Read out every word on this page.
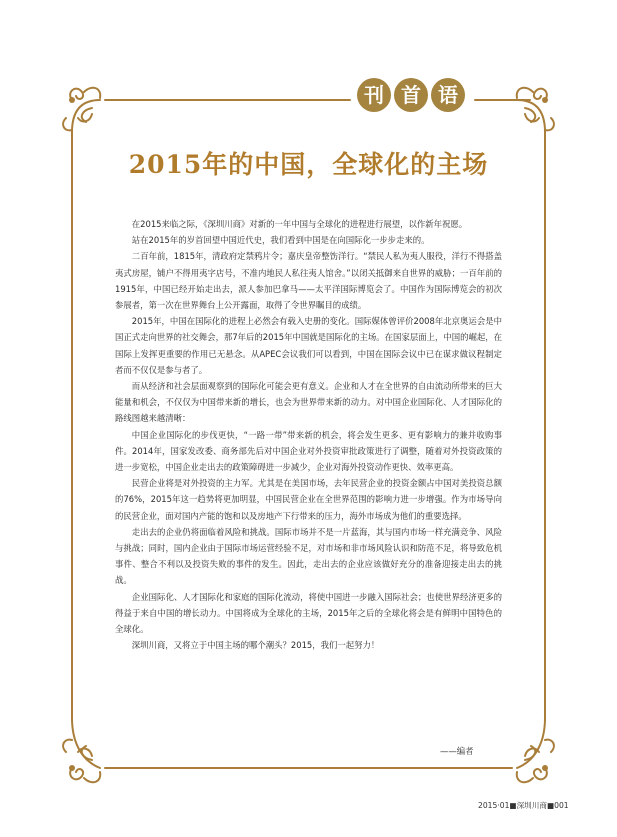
刊 首 语
2015年的中国，全球化的主场

在2015来临之际，《深圳川商》对新的一年中国与全球化的进程进行展望，以作新年祝愿。

站在2015年的岁首回望中国近代史，我们看到中国是在向国际化一步步走来的。

二百年前，1815年，清政府定禁鸦片令；嘉庆皇帝整饬洋行。“禁民人私为夷人服役，洋行不得搭盖夷式房屋，铺户不得用夷字店号，不准内地民人私往夷人馆舍。”以闭关抵御来自世界的威胁；一百年前的1915年，中国已经开始走出去，派人参加巴拿马——太平洋国际博览会了。中国作为国际博览会的初次参展者，第一次在世界舞台上公开露面，取得了令世界瞩目的成绩。

2015年，中国在国际化的进程上必然会有载入史册的变化。国际媒体曾评价2008年北京奥运会是中国正式走向世界的社交舞会，那7年后的2015年中国就是国际化的主场。在国家层面上，中国的崛起，在国际上发挥更重要的作用已无悬念。从APEC会议我们可以看到，中国在国际会议中已在谋求做议程制定者而不仅仅是参与者了。

而从经济和社会层面观察到的国际化可能会更有意义。企业和人才在全世界的自由流动所带来的巨大能量和机会，不仅仅为中国带来新的增长，也会为世界带来新的动力。对中国企业国际化、人才国际化的路线图越来越清晰：

中国企业国际化的步伐更快，“一路一带”带来新的机会，将会发生更多、更有影响力的兼并收购事件。2014年，国家发改委、商务部先后对中国企业对外投资审批政策进行了调整，随着对外投资政策的进一步宽松，中国企业走出去的政策障碍进一步减少，企业对海外投资动作更快、效率更高。

民营企业将是对外投资的主力军。尤其是在美国市场，去年民营企业的投资金额占中国对美投资总额的76%，2015年这一趋势将更加明显，中国民营企业在全世界范围的影响力进一步增强。作为市场导向的民营企业，面对国内产能的饱和以及房地产下行带来的压力，海外市场成为他们的重要选择。

走出去的企业仍将面临着风险和挑战。国际市场并不是一片蓝海，其与国内市场一样充满竞争、风险与挑战；同时，国内企业由于国际市场运营经验不足，对市场和非市场风险认识和防范不足，将导致危机事件、整合不利以及投资失败的事件的发生。因此，走出去的企业应该做好充分的准备迎接走出去的挑战。

企业国际化、人才国际化和家庭的国际化流动，将使中国进一步融入国际社会；也使世界经济更多的得益于来自中国的增长动力。中国将成为全球化的主场，2015年之后的全球化将会是有鲜明中国特色的全球化。

深圳川商，又将立于中国主场的哪个潮头？2015，我们一起努力！

——编者
2015·01■深圳川商■001
